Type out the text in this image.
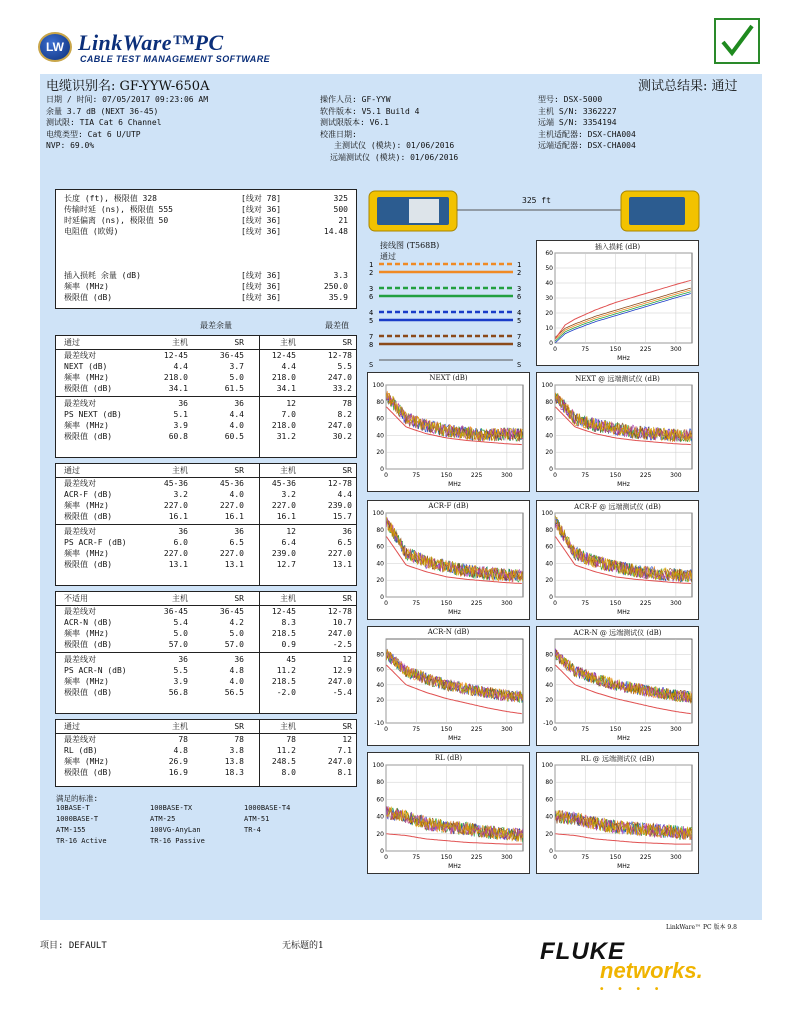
LW LinkWare™PC
CABLE TEST MANAGEMENT SOFTWARE
电缆识别名: GF-YYW-650A	测试总结果: 通过
日期 / 时间: 07/05/2017 09:23:06 AM
余量 3.7 dB (NEXT 36-45)
测试限: TIA Cat 6 Channel
电缆类型: Cat 6 U/UTP
NVP: 69.0%
操作人员: GF-YYW
软件版本: V5.1 Build 4
测试限版本: V6.1
校准日期:
主测试仪 (模块): 01/06/2016
远端测试仪 (模块): 01/06/2016
型号: DSX-5000
主机 S/N: 3362227
远端 S/N: 3354194
主机适配器: DSX-CHA004
远端适配器: DSX-CHA004
长度 (ft), 极限值 328	[线对 78]	325
传输时延 (ns), 极限值 555	[线对 36]	500
时延偏离 (ns), 极限值 50	[线对 36]	21
电阻值 (欧姆)	[线对 36]	14.48
插入损耗 余量 (dB)	[线对 36]	3.3
频率 (MHz)	[线对 36]	250.0
极限值 (dB)	[线对 36]	35.9
最差余量	最差值
通过	主机	SR	主机	SR
最差线对	12-45	36-45	12-45	12-78
NEXT (dB)	4.4	3.7	4.4	5.5
频率 (MHz)	218.0	5.0	218.0	247.0
极限值 (dB)	34.1	61.5	34.1	33.2
最差线对	36	36	12	78
PS NEXT (dB)	5.1	4.4	7.0	8.2
频率 (MHz)	3.9	4.0	218.0	247.0
极限值 (dB)	60.8	60.5	31.2	30.2
通过	主机	SR	主机	SR
最差线对	45-36	45-36	45-36	12-78
ACR-F (dB)	3.2	4.0	3.2	4.4
频率 (MHz)	227.0	227.0	227.0	239.0
极限值 (dB)	16.1	16.1	16.1	15.7
最差线对	36	36	12	36
PS ACR-F (dB)	6.0	6.5	6.4	6.5
频率 (MHz)	227.0	227.0	239.0	227.0
极限值 (dB)	13.1	13.1	12.7	13.1
不适用	主机	SR	主机	SR
最差线对	36-45	36-45	12-45	12-78
ACR-N (dB)	5.4	4.2	8.3	10.7
频率 (MHz)	5.0	5.0	218.5	247.0
极限值 (dB)	57.0	57.0	0.9	-2.5
最差线对	36	36	45	12
PS ACR-N (dB)	5.5	4.8	11.2	12.9
频率 (MHz)	3.9	4.0	218.5	247.0
极限值 (dB)	56.8	56.5	-2.0	-5.4
通过	主机	SR	主机	SR
最差线对	78	78	78	12
RL (dB)	4.8	3.8	11.2	7.1
频率 (MHz)	26.9	13.8	248.5	247.0
极限值 (dB)	16.9	18.3	8.0	8.1
满足的标准:
10BASE-T	100BASE-TX	1000BASE-T4
1000BASE-T	ATM-25	ATM-51
ATM-155	100VG-AnyLan	TR-4
TR-16 Active	TR-16 Passive
325 ft
接线图 (T568B)
通过
1	1
2	2
3	3
6	6
4	4
5	5
7	7
8	8
S	S
插入损耗 (dB)
0
10
20
30
40
50
60
0	75	150	225	300
MHz
NEXT (dB)
0
20
40
60
80
100
0	75	150	225	300
MHz
NEXT @ 远端测试仪 (dB)
0
20
40
60
80
100
0	75	150	225	300
MHz
ACR-F (dB)
0
20
40
60
80
100
0	75	150	225	300
MHz
ACR-F @ 远端测试仪 (dB)
0
20
40
60
80
100
0	75	150	225	300
MHz
ACR-N (dB)
-10
20
40
60
80
0	75	150	225	300
MHz
ACR-N @ 远端测试仪 (dB)
-10
20
40
60
80
0	75	150	225	300
MHz
RL (dB)
0
20
40
60
80
100
0	75	150	225	300
MHz
RL @ 远端测试仪 (dB)
0
20
40
60
80
100
0	75	150	225	300
MHz
LinkWare™ PC 版本 9.8
项目: DEFAULT	无标题的1	FLUKE
networks.
• • • •
